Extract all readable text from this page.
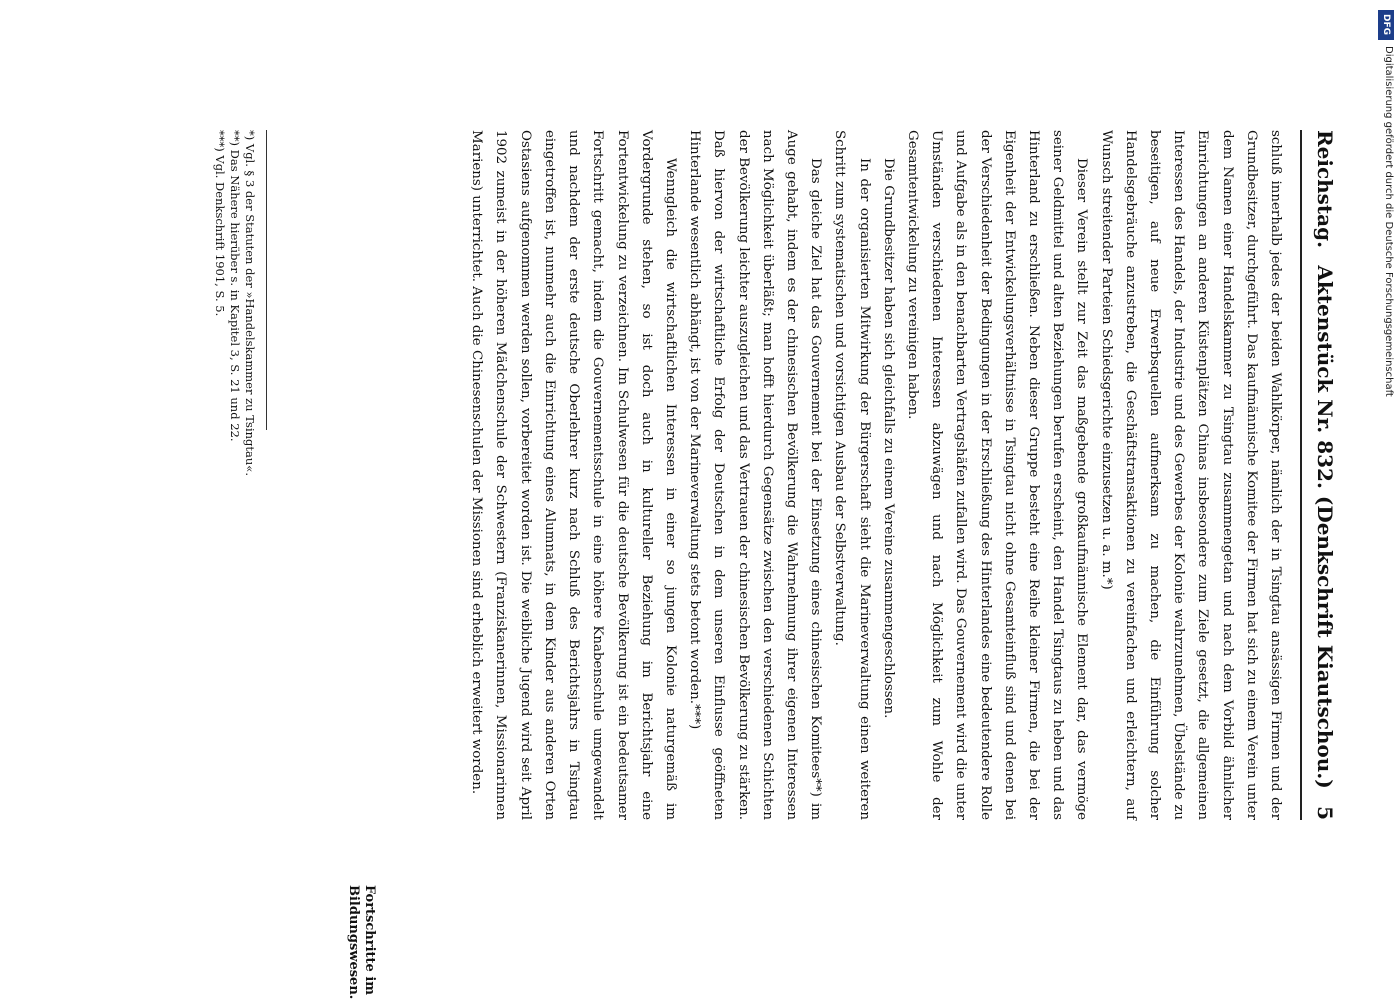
Reichstag.
Aktenstück Nr. 832. (Denkschrift Kiautschou.)
5

schluß innerhalb jedes der beiden Wahlkörper, nämlich der in Tsingtau ansässigen Firmen und der Grundbesitzer, durchgeführt. Das kaufmännische Komitee der Firmen hat sich zu einem Verein unter dem Namen einer Handelskammer zu Tsingtau zusammengetan und nach dem Vorbild ähnlicher Einrichtungen an anderen Küstenplätzen Chinas insbesondere zum Ziele gesetzt, die allgemeinen Interessen des Handels, der Industrie und des Gewerbes der Kolonie wahrzunehmen, Übelstände zu beseitigen, auf neue Erwerbsquellen aufmerksam zu machen, die Einführung solcher Handelsgebräuche anzustreben, die Geschäftstransaktionen zu vereinfachen und erleichtern, auf Wunsch streitender Parteien Schiedsgerichte einzusetzen u. a. m.*)

Dieser Verein stellt zur Zeit das maßgebende großkaufmännische Element dar, das vermöge seiner Geldmittel und alten Beziehungen berufen erscheint, den Handel Tsingtaus zu heben und das Hinterland zu erschließen. Neben dieser Gruppe besteht eine Reihe kleiner Firmen, die bei der Eigenheit der Entwickelungsverhältnisse in Tsingtau nicht ohne Gesamteinfluß sind und denen bei der Verschiedenheit der Bedingungen in der Erschließung des Hinterlandes eine bedeutendere Rolle und Aufgabe als in den benachbarten Vertragshäfen zufallen wird. Das Gouvernement wird die unter Umständen verschiedenen Interessen abzuwägen und nach Möglichkeit zum Wohle der Gesamtentwickelung zu vereinigen haben.

Die Grundbesitzer haben sich gleichfalls zu einem Vereine zusammengeschlossen.

In der organisierten Mitwirkung der Bürgerschaft sieht die Marineverwaltung einen weiteren Schritt zum systematischen und vorsichtigen Ausbau der Selbstverwaltung.

Das gleiche Ziel hat das Gouvernement bei der Einsetzung eines chinesischen Komitees**) im Auge gehabt, indem es der chinesischen Bevölkerung die Wahrnehmung ihrer eigenen Interessen nach Möglichkeit überläßt; man hofft hierdurch Gegensätze zwischen den verschiedenen Schichten der Bevölkerung leichter auszugleichen und das Vertrauen der chinesischen Bevölkerung zu stärken. Daß hiervon der wirtschaftliche Erfolg der Deutschen in dem unseren Einflusse geöffneten Hinterlande wesentlich abhängt, ist von der Marineverwaltung stets betont worden.***)

Wenngleich die wirtschaftlichen Interessen in einer so jungen Kolonie naturgemäß im Vordergrunde stehen, so ist doch auch in kultureller Beziehung im Berichtsjahr eine Fortentwickelung zu verzeichnen. Im Schulwesen für die deutsche Bevölkerung ist ein bedeutsamer Fortschritt gemacht, indem die Gouvernementsschule in eine höhere Knabenschule umgewandelt und nachdem der erste deutsche Oberlehrer kurz nach Schluß des Berichtsjahrs in Tsingtau eingetroffen ist, nunmehr auch die Einrichtung eines Alumnats, in dem Kinder aus anderen Orten Ostasiens aufgenommen werden sollen, vorbereitet worden ist. Die weibliche Jugend wird seit April 1902 zumeist in der höheren Mädchenschule der Schwestern (Franziskanerinnen, Missionarinnen Mariens) unterrichtet. Auch die Chinesenschulen der Missionen sind erheblich erweitert worden.

Fortschritte im Bildungswesen.
*) Vgl. § 3 der Statuten der »Handelskammer zu Tsingtau«.
**) Das Nähere hierüber s. in Kapitel 3, S. 21 und 22.
***) Vgl. Denkschrift 1901, S. 5.
DFG
Digitalisierung gefördert durch die Deutsche Forschungsgemeinschaft
